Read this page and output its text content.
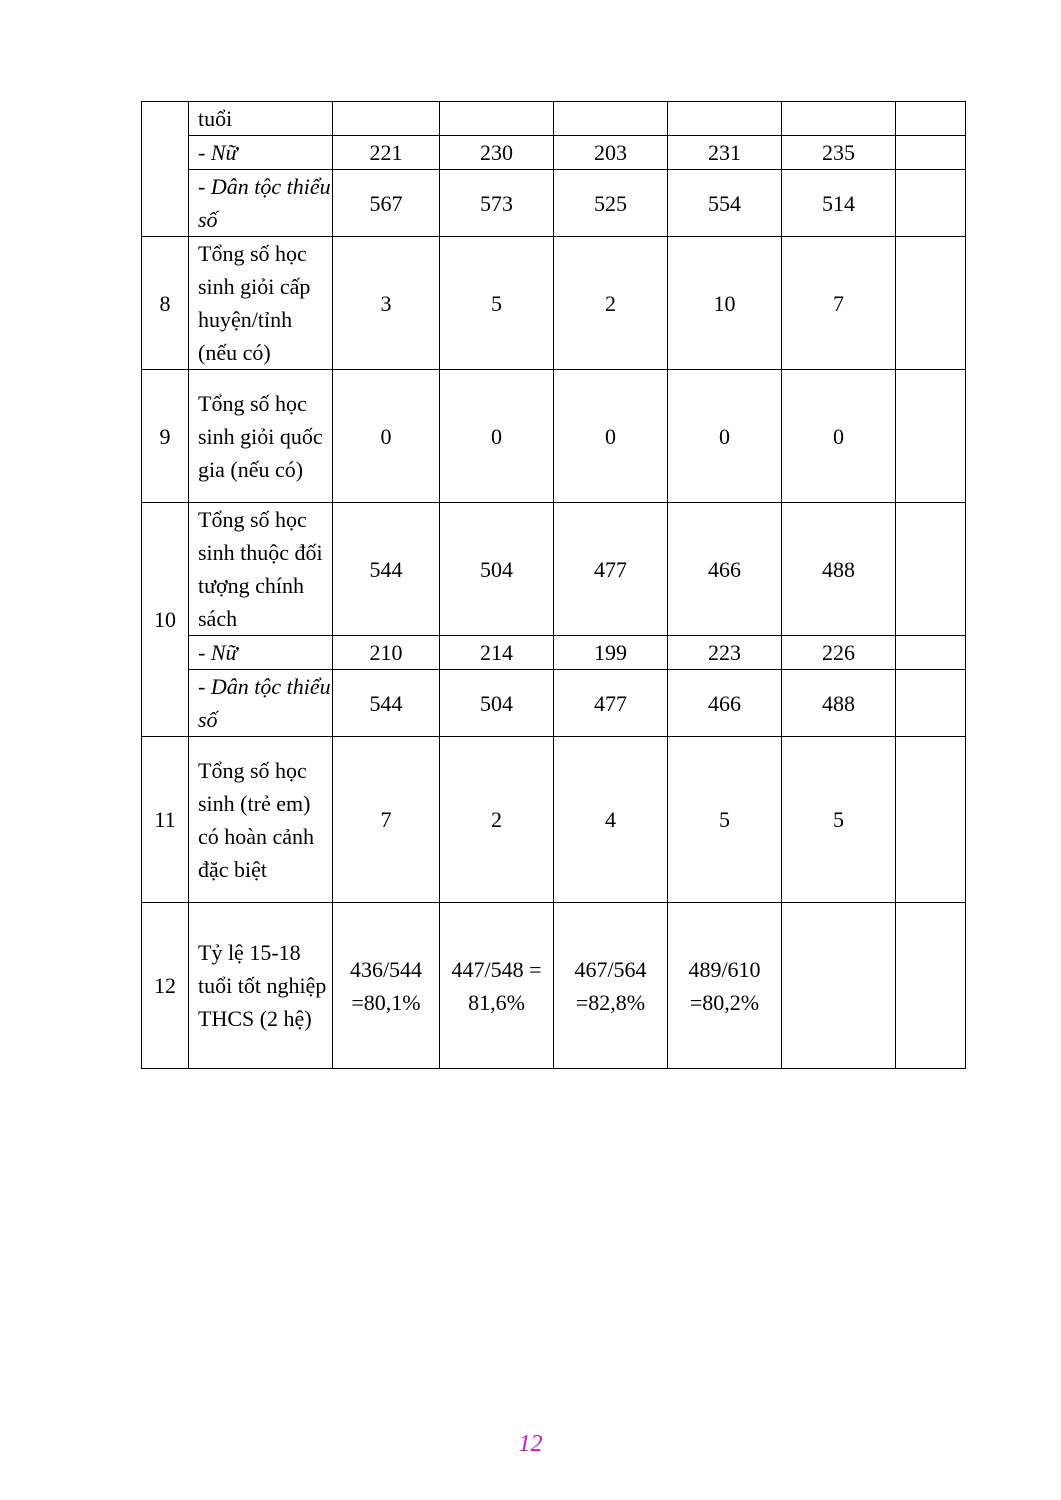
	tuổi						
	- Nữ	221	230	203	231	235	
	- Dân tộc thiểu số	567	573	525	554	514	
8	Tổng số học sinh giỏi cấp huyện/tỉnh (nếu có)	3	5	2	10	7	
9	Tổng số học sinh giỏi quốc gia (nếu có)	0	0	0	0	0	
10	Tổng số học sinh thuộc đối tượng chính sách	544	504	477	466	488	
	- Nữ	210	214	199	223	226	
	- Dân tộc thiểu số	544	504	477	466	488	
11	Tổng số học sinh (trẻ em) có hoàn cảnh đặc biệt	7	2	4	5	5	
12	Tỷ lệ 15-18 tuổi tốt nghiệp THCS (2 hệ)	436/544 =80,1%	447/548 = 81,6%	467/564 =82,8%	489/610 =80,2%		
12
